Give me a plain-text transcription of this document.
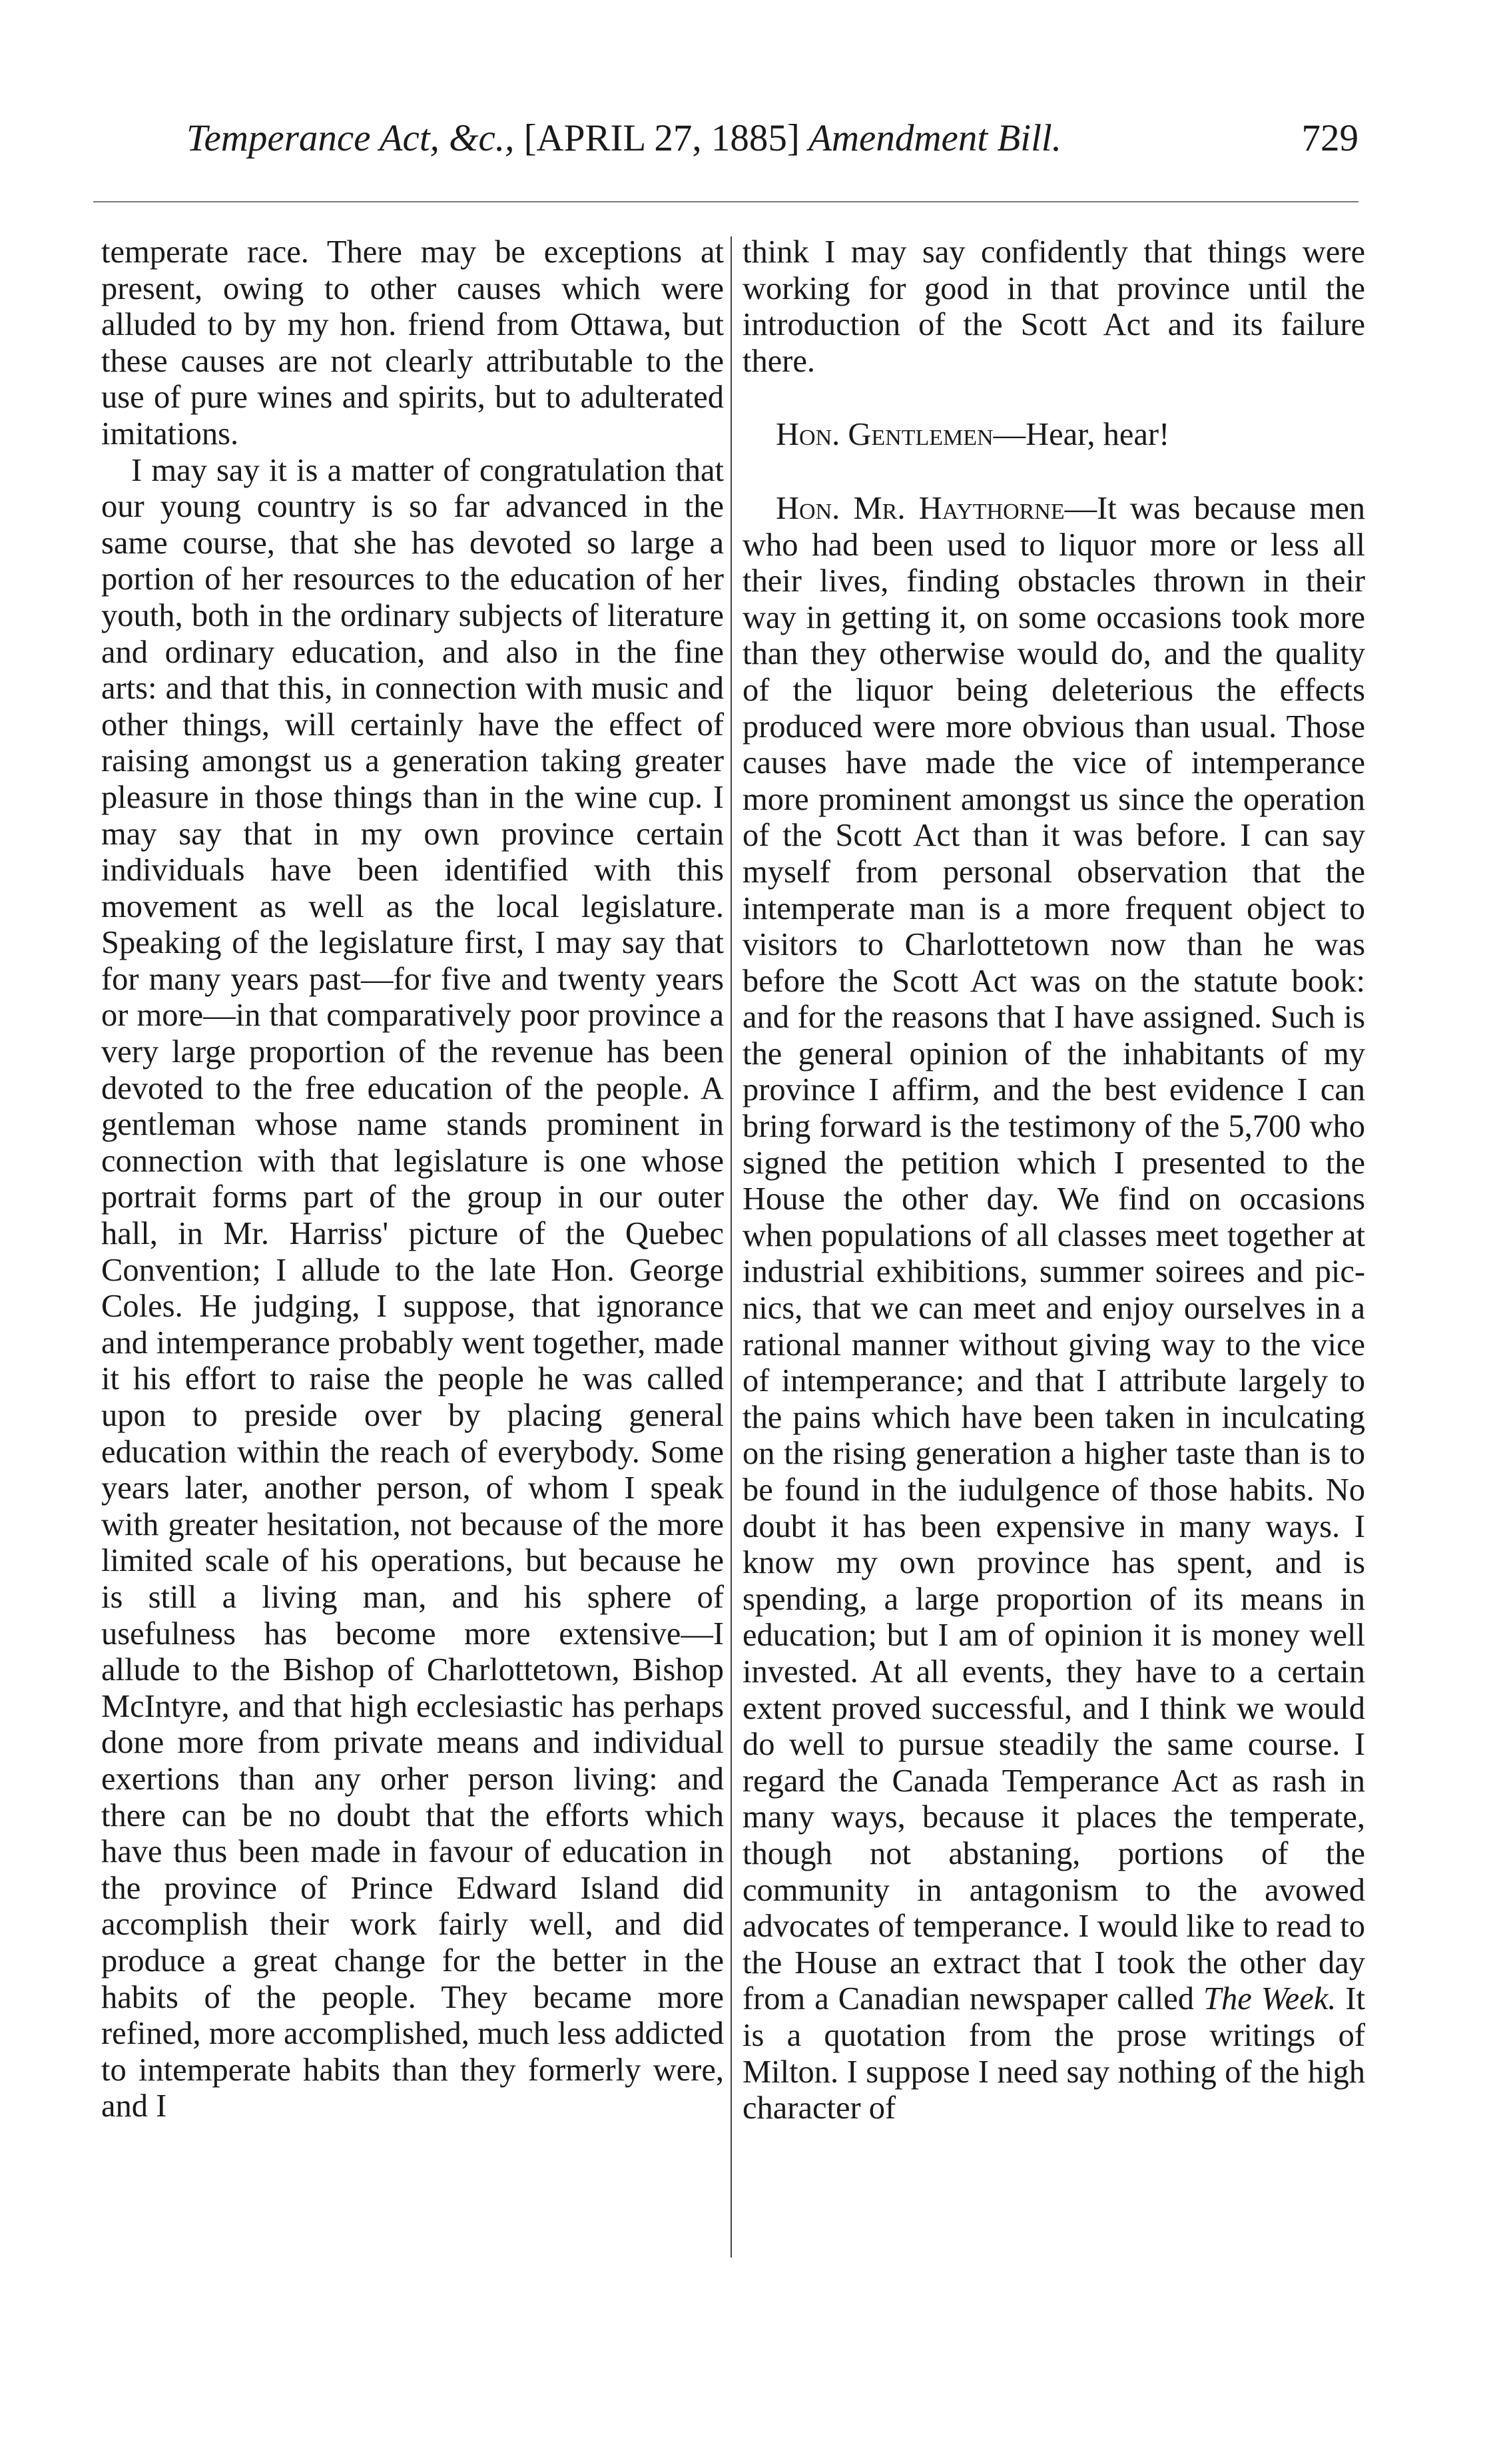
Temperance Act, &c., [APRIL 27, 1885] Amendment Bill.	729

temperate race. There may be exceptions at present, owing to other causes which were alluded to by my hon. friend from Ottawa, but these causes are not clearly attributable to the use of pure wines and spirits, but to adulterated imitations.

I may say it is a matter of congratulation that our young country is so far advanced in the same course, that she has devoted so large a portion of her resources to the education of her youth, both in the ordinary subjects of literature and ordinary education, and also in the fine arts: and that this, in connection with music and other things, will certainly have the effect of raising amongst us a generation taking greater pleasure in those things than in the wine cup. I may say that in my own province certain individuals have been identified with this movement as well as the local legislature. Speaking of the legislature first, I may say that for many years past—for five and twenty years or more—in that comparatively poor province a very large proportion of the revenue has been devoted to the free education of the people. A gentleman whose name stands prominent in connection with that legislature is one whose portrait forms part of the group in our outer hall, in Mr. Harriss' picture of the Quebec Convention; I allude to the late Hon. George Coles. He judging, I suppose, that ignorance and intemperance probably went together, made it his effort to raise the people he was called upon to preside over by placing general education within the reach of everybody. Some years later, another person, of whom I speak with greater hesitation, not because of the more limited scale of his operations, but because he is still a living man, and his sphere of usefulness has become more extensive—I allude to the Bishop of Charlottetown, Bishop McIntyre, and that high ecclesiastic has perhaps done more from private means and individual exertions than any orher person living: and there can be no doubt that the efforts which have thus been made in favour of education in the province of Prince Edward Island did accomplish their work fairly well, and did produce a great change for the better in the habits of the people. They became more refined, more accomplished, much less addicted to intemperate habits than they formerly were, and I

think I may say confidently that things were working for good in that province until the introduction of the Scott Act and its failure there.

Hon. Gentlemen—Hear, hear!

Hon. Mr. Haythorne—It was because men who had been used to liquor more or less all their lives, finding obstacles thrown in their way in getting it, on some occasions took more than they otherwise would do, and the quality of the liquor being deleterious the effects produced were more obvious than usual. Those causes have made the vice of intemperance more prominent amongst us since the operation of the Scott Act than it was before. I can say myself from personal observation that the intemperate man is a more frequent object to visitors to Charlottetown now than he was before the Scott Act was on the statute book: and for the reasons that I have assigned. Such is the general opinion of the inhabitants of my province I affirm, and the best evidence I can bring forward is the testimony of the 5,700 who signed the petition which I presented to the House the other day. We find on occasions when populations of all classes meet together at industrial exhibitions, summer soirees and pic-nics, that we can meet and enjoy ourselves in a rational manner without giving way to the vice of intemperance; and that I attribute largely to the pains which have been taken in inculcating on the rising generation a higher taste than is to be found in the iudulgence of those habits. No doubt it has been expensive in many ways. I know my own province has spent, and is spending, a large proportion of its means in education; but I am of opinion it is money well invested. At all events, they have to a certain extent proved successful, and I think we would do well to pursue steadily the same course. I regard the Canada Temperance Act as rash in many ways, because it places the temperate, though not abstaning, portions of the community in antagonism to the avowed advocates of temperance. I would like to read to the House an extract that I took the other day from a Canadian newspaper called The Week. It is a quotation from the prose writings of Milton. I suppose I need say nothing of the high character of
